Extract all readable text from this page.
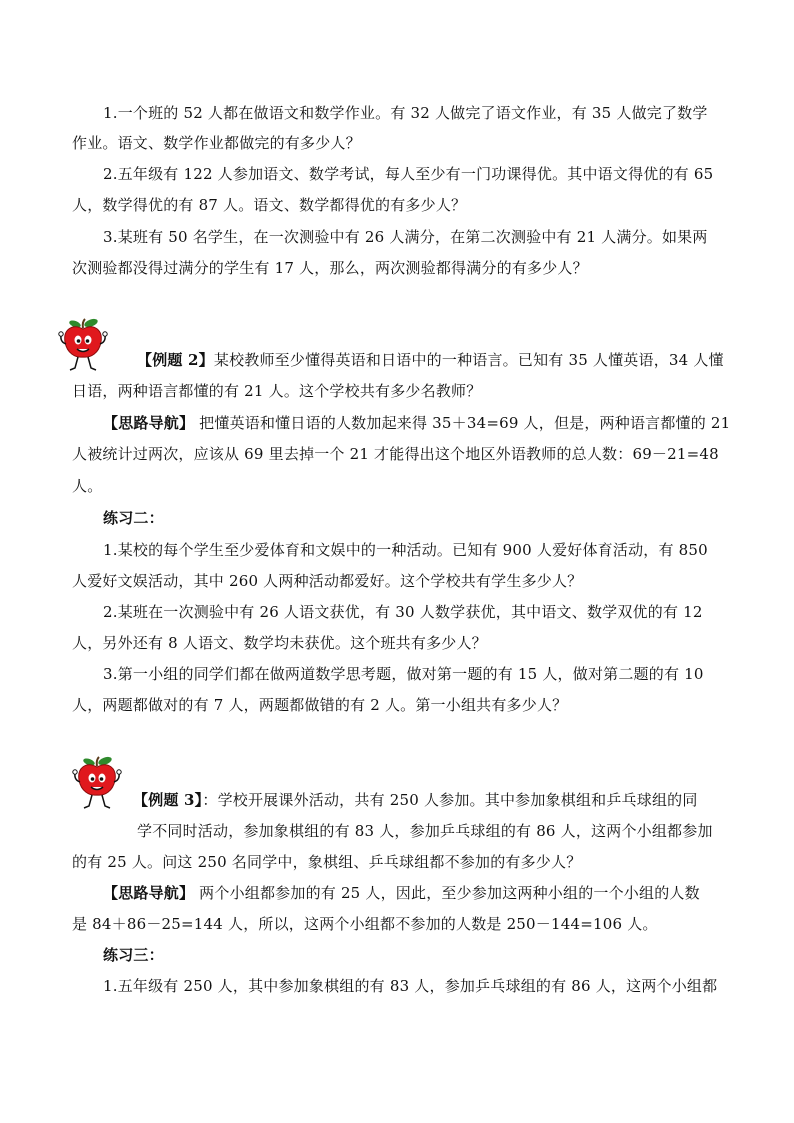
1.一个班的 52 人都在做语文和数学作业。有 32 人做完了语文作业，有 35 人做完了数学
作业。语文、数学作业都做完的有多少人？
2.五年级有 122 人参加语文、数学考试，每人至少有一门功课得优。其中语文得优的有 65
人，数学得优的有 87 人。语文、数学都得优的有多少人？
3.某班有 50 名学生，在一次测验中有 26 人满分，在第二次测验中有 21 人满分。如果两
次测验都没得过满分的学生有 17 人，那么，两次测验都得满分的有多少人？
【例题 2】某校教师至少懂得英语和日语中的一种语言。已知有 35 人懂英语，34 人懂
日语，两种语言都懂的有 21 人。这个学校共有多少名教师？
【思路导航】 把懂英语和懂日语的人数加起来得 35＋34=69 人，但是，两种语言都懂的 21
人被统计过两次，应该从 69 里去掉一个 21 才能得出这个地区外语教师的总人数：69－21=48
人。
练习二：
1.某校的每个学生至少爱体育和文娱中的一种活动。已知有 900 人爱好体育活动，有 850
人爱好文娱活动，其中 260 人两种活动都爱好。这个学校共有学生多少人？
2.某班在一次测验中有 26 人语文获优，有 30 人数学获优，其中语文、数学双优的有 12
人，另外还有 8 人语文、数学均未获优。这个班共有多少人？
3.第一小组的同学们都在做两道数学思考题，做对第一题的有 15 人，做对第二题的有 10
人，两题都做对的有 7 人，两题都做错的有 2 人。第一小组共有多少人？
【例题 3】：学校开展课外活动，共有 250 人参加。其中参加象棋组和乒乓球组的同
学不同时活动，参加象棋组的有 83 人，参加乒乓球组的有 86 人，这两个小组都参加
的有 25 人。问这 250 名同学中，象棋组、乒乓球组都不参加的有多少人？
【思路导航】 两个小组都参加的有 25 人，因此，至少参加这两种小组的一个小组的人数
是 84＋86－25=144 人，所以，这两个小组都不参加的人数是 250－144=106 人。
练习三：
1.五年级有 250 人，其中参加象棋组的有 83 人，参加乒乓球组的有 86 人，这两个小组都
